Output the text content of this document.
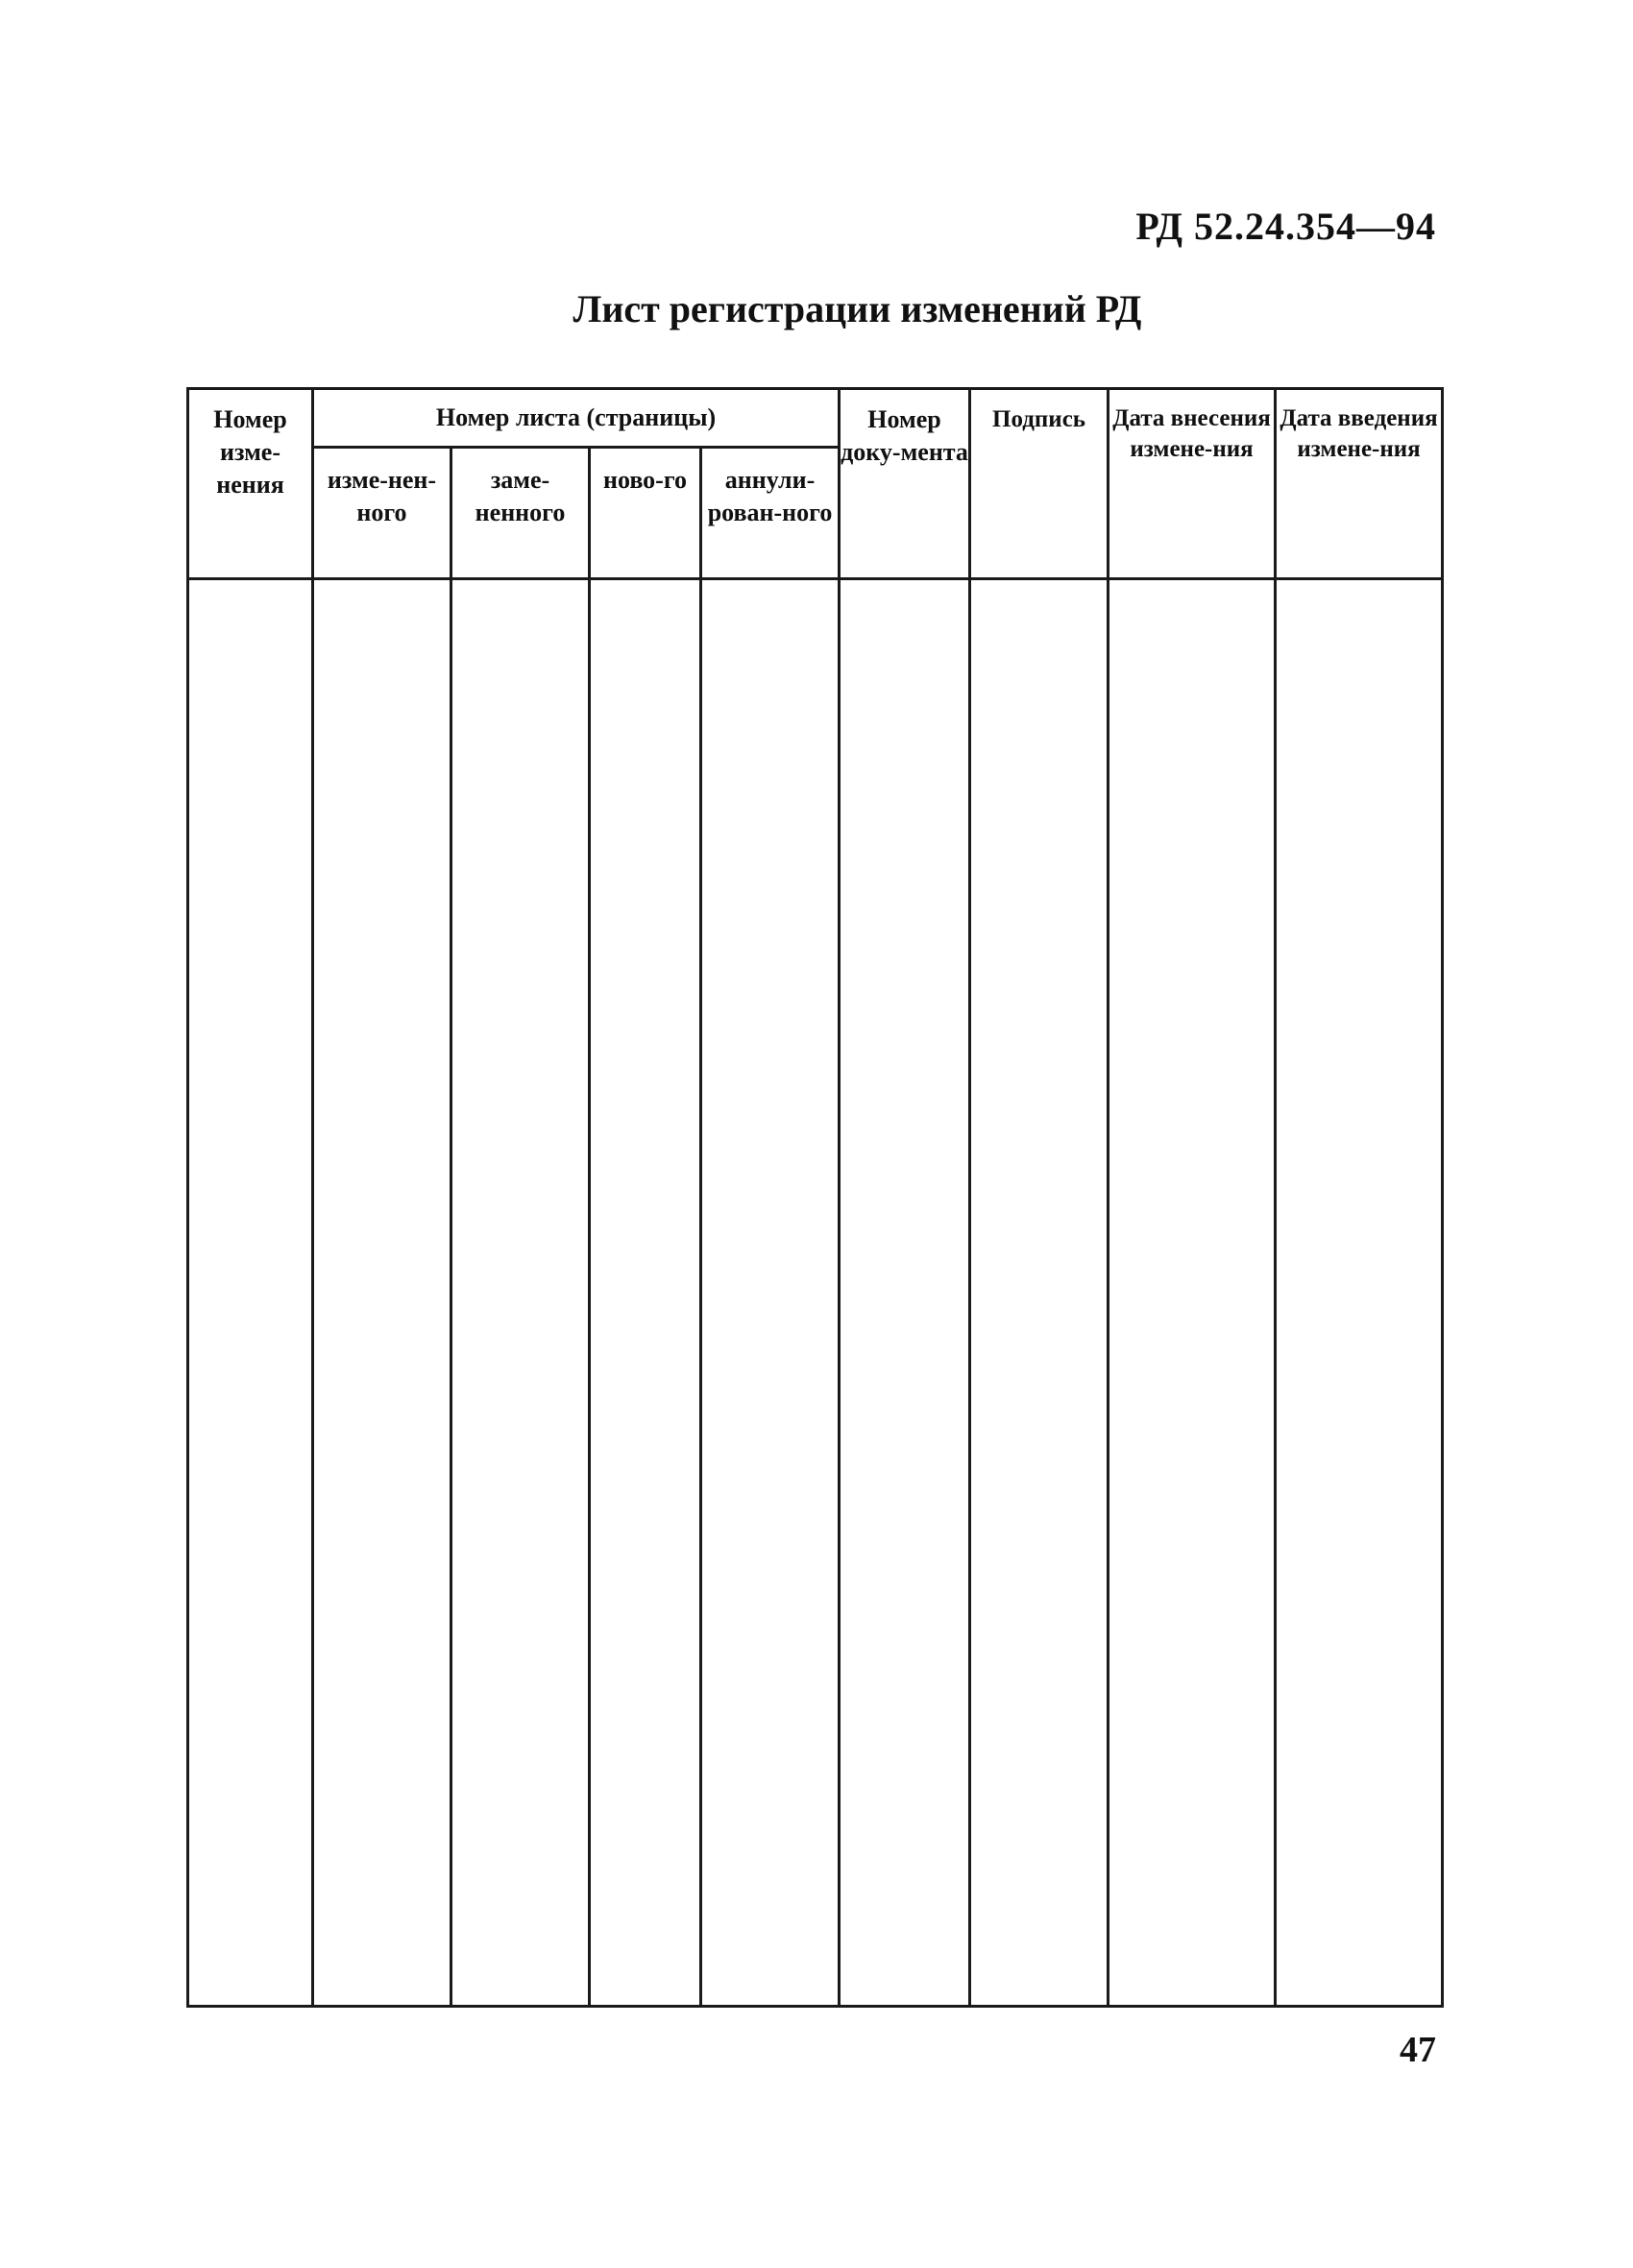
РД 52.24.354—94
Лист регистрации изменений РД
Номер изме-нения	Номер листа (страницы)				Номер доку-мента	Подпись	Дата внесения измене-ния	Дата введения измене-ния
	изме-нен-ного	заме-ненного	ново-го	аннули-рован-ного				

47
